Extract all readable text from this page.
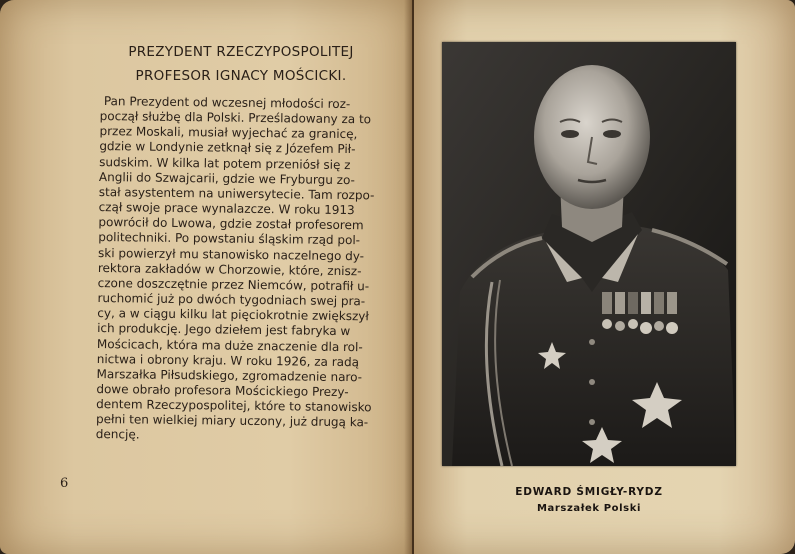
PREZYDENT RZECZYPOSPOLITEJ
PROFESOR IGNACY MOŚCICKI.
Pan Prezydent od wczesnej młodości roz-
począł służbę dla Polski. Prześladowany za to
przez Moskali, musiał wyjechać za granicę,
gdzie w Londynie zetknął się z Józefem Pił-
sudskim. W kilka lat potem przeniósł się z
Anglii do Szwajcarii, gdzie we Fryburgu zo-
stał asystentem na uniwersytecie. Tam rozpo-
czął swoje prace wynalazcze. W roku 1913
powrócił do Lwowa, gdzie został profesorem
politechniki. Po powstaniu śląskim rząd pol-
ski powierzył mu stanowisko naczelnego dy-
rektora zakładów w Chorzowie, które, znisz-
czone doszczętnie przez Niemców, potrafił u-
ruchomić już po dwóch tygodniach swej pra-
cy, a w ciągu kilku lat pięciokrotnie zwiększył
ich produkcję. Jego dziełem jest fabryka w
Mościcach, która ma duże znaczenie dla rol-
nictwa i obrony kraju. W roku 1926, za radą
Marszałka Piłsudskiego, zgromadzenie naro-
dowe obrało profesora Mościckiego Prezy-
dentem Rzeczypospolitej, które to stanowisko
pełni ten wielkiej miary uczony, już drugą ka-
dencję.
6
EDWARD ŚMIGŁY-RYDZ
Marszałek Polski
